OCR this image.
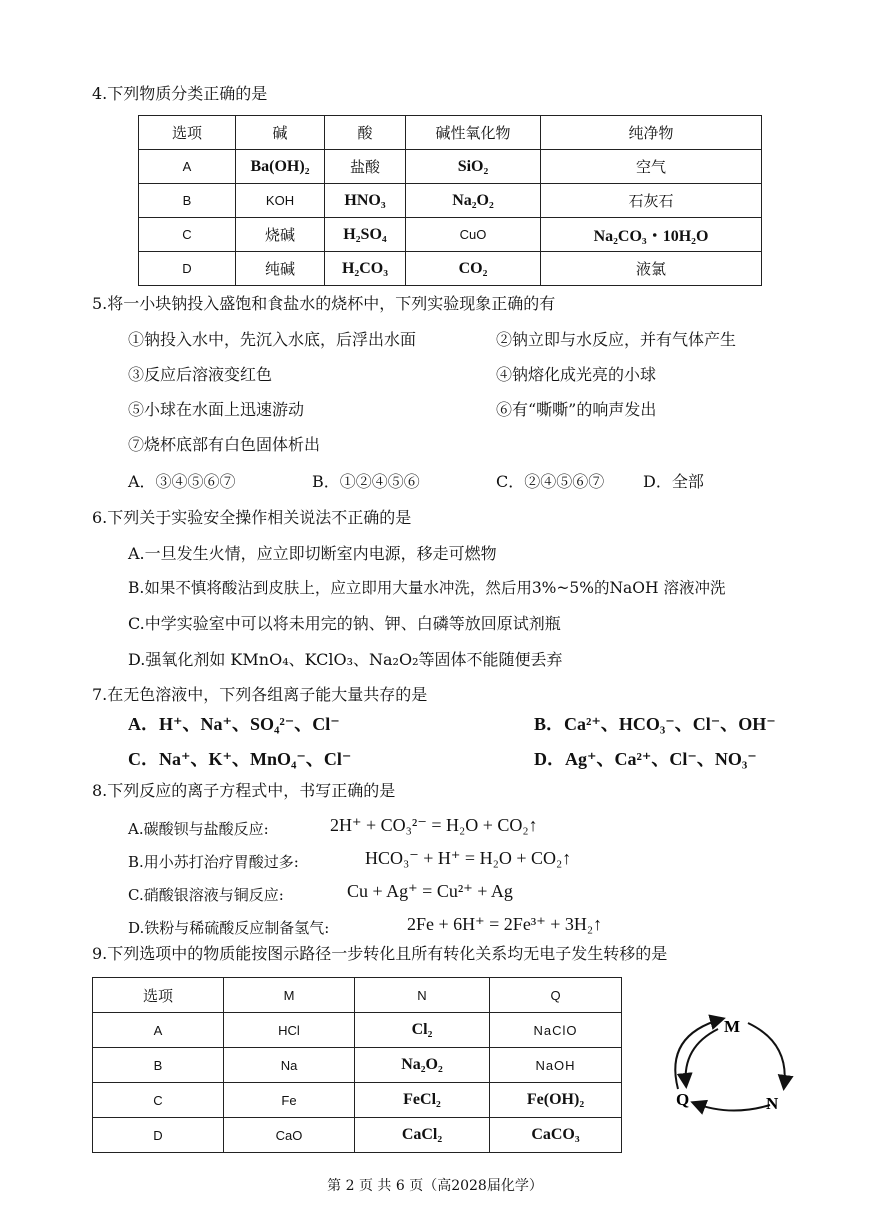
4.下列物质分类正确的是
选项	碱	酸	碱性氧化物	纯净物
A	Ba(OH)₂	盐酸	SiO₂	空气
B	KOH	HNO₃	Na₂O₂	石灰石
C	烧碱	H₂SO₄	CuO	Na₂CO₃・10H₂O
D	纯碱	H₂CO₃	CO₂	液氯
5.将一小块钠投入盛饱和食盐水的烧杯中，下列实验现象正确的有
①钠投入水中，先沉入水底，后浮出水面	②钠立即与水反应，并有气体产生
③反应后溶液变红色	④钠熔化成光亮的小球
⑤小球在水面上迅速游动	⑥有“嘶嘶”的响声发出
⑦烧杯底部有白色固体析出
A．③④⑤⑥⑦	B．①②④⑤⑥	C．②④⑤⑥⑦ D．全部
6.下列关于实验安全操作相关说法不正确的是
A.一旦发生火情，应立即切断室内电源，移走可燃物
B.如果不慎将酸沾到皮肤上，应立即用大量水冲洗，然后用3%~5%的NaOH 溶液冲洗
C.中学实验室中可以将未用完的钠、钾、白磷等放回原试剂瓶
D.强氧化剂如 KMnO₄、KClO₃、Na₂O₂等固体不能随便丢弃
7.在无色溶液中，下列各组离子能大量共存的是
A．H⁺、Na⁺、SO₄²⁻、Cl⁻	B．Ca²⁺、HCO₃⁻、Cl⁻、OH⁻
C．Na⁺、K⁺、MnO₄⁻、Cl⁻	D．Ag⁺、Ca²⁺、Cl⁻、NO₃⁻
8.下列反应的离子方程式中，书写正确的是
A.碳酸钡与盐酸反应:	2H⁺ + CO₃²⁻ = H₂O + CO₂↑
B.用小苏打治疗胃酸过多:	HCO₃⁻ + H⁺ = H₂O + CO₂↑
C.硝酸银溶液与铜反应:	Cu + Ag⁺ = Cu²⁺ + Ag
D.铁粉与稀硫酸反应制备氢气:	2Fe + 6H⁺ = 2Fe³⁺ + 3H₂↑
9.下列选项中的物质能按图示路径一步转化且所有转化关系均无电子发生转移的是
选项	M	N	Q
A	HCl	Cl₂	NaClO
B	Na	Na₂O₂	NaOH
C	Fe	FeCl₂	Fe(OH)₂
D	CaO	CaCl₂	CaCO₃
M
N
Q
第 2 页 共 6 页（高2028届化学）
